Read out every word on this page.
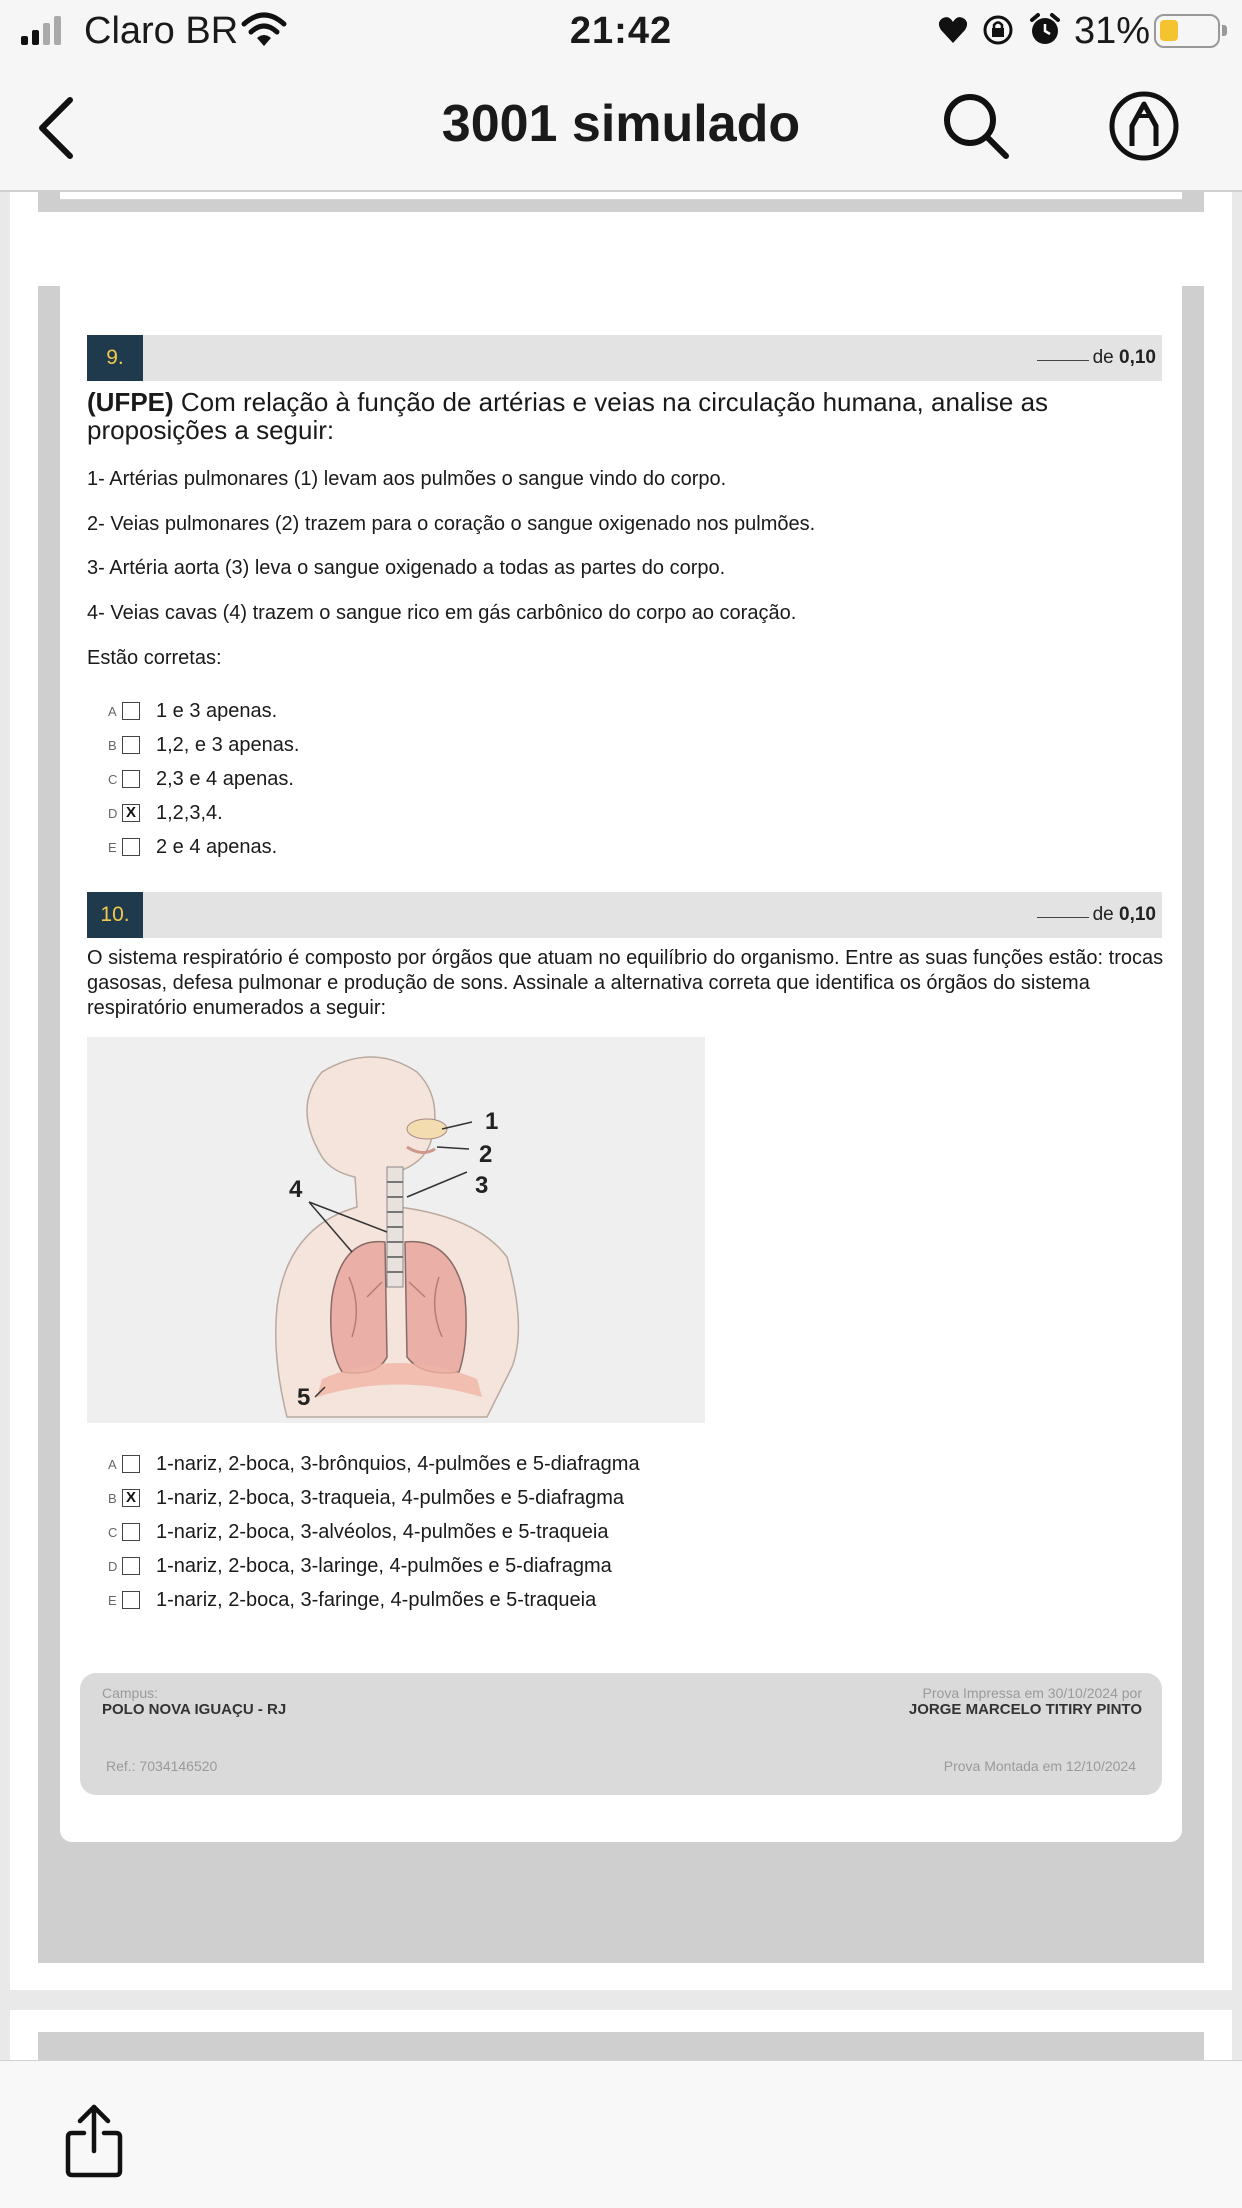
Claro BR	21:42	31%
3001 simulado
9.	de 0,10
(UFPE) Com relação à função de artérias e veias na circulação humana, analise as proposições a seguir:
1- Artérias pulmonares (1) levam aos pulmões o sangue vindo do corpo.
2- Veias pulmonares (2) trazem para o coração o sangue oxigenado nos pulmões.
3- Artéria aorta (3) leva o sangue oxigenado a todas as partes do corpo.
4- Veias cavas (4) trazem o sangue rico em gás carbônico do corpo ao coração.
Estão corretas:
A 1 e 3 apenas.
B 1,2, e 3 apenas.
C 2,3 e 4 apenas.
D X 1,2,3,4.
E 2 e 4 apenas.
10.	de 0,10
O sistema respiratório é composto por órgãos que atuam no equilíbrio do organismo. Entre as suas funções estão: trocas gasosas, defesa pulmonar e produção de sons. Assinale a alternativa correta que identifica os órgãos do sistema respiratório enumerados a seguir:
1
2
3
4
5
A 1-nariz, 2-boca, 3-brônquios, 4-pulmões e 5-diafragma
B X 1-nariz, 2-boca, 3-traqueia, 4-pulmões e 5-diafragma
C 1-nariz, 2-boca, 3-alvéolos, 4-pulmões e 5-traqueia
D 1-nariz, 2-boca, 3-laringe, 4-pulmões e 5-diafragma
E 1-nariz, 2-boca, 3-faringe, 4-pulmões e 5-traqueia
Campus:
POLO NOVA IGUAÇU - RJ
Prova Impressa em 30/10/2024 por
JORGE MARCELO TITIRY PINTO
Ref.: 7034146520	Prova Montada em 12/10/2024
